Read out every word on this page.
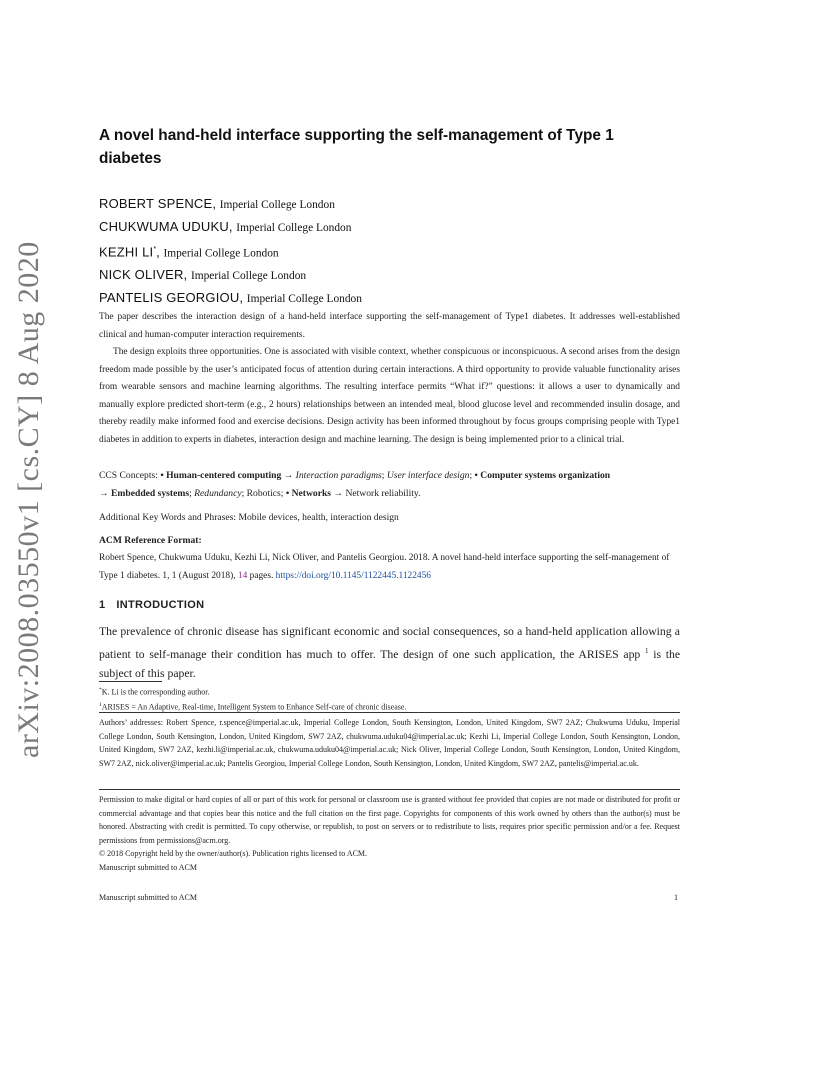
arXiv:2008.03550v1 [cs.CY] 8 Aug 2020
A novel hand-held interface supporting the self-management of Type 1 diabetes
ROBERT SPENCE, Imperial College London
CHUKWUMA UDUKU, Imperial College London
KEZHI LI*, Imperial College London
NICK OLIVER, Imperial College London
PANTELIS GEORGIOU, Imperial College London

The paper describes the interaction design of a hand-held interface supporting the self-management of Type1 diabetes. It addresses well-established clinical and human-computer interaction requirements.

The design exploits three opportunities. One is associated with visible context, whether conspicuous or inconspicuous. A second arises from the design freedom made possible by the user’s anticipated focus of attention during certain interactions. A third opportunity to provide valuable functionality arises from wearable sensors and machine learning algorithms. The resulting interface permits “What if?” questions: it allows a user to dynamically and manually explore predicted short-term (e.g., 2 hours) relationships between an intended meal, blood glucose level and recommended insulin dosage, and thereby readily make informed food and exercise decisions. Design activity has been informed throughout by focus groups comprising people with Type1 diabetes in addition to experts in diabetes, interaction design and machine learning. The design is being implemented prior to a clinical trial.

CCS Concepts: • Human-centered computing → Interaction paradigms; User interface design; • Computer systems organization
→ Embedded systems; Redundancy; Robotics; • Networks → Network reliability.
Additional Key Words and Phrases: Mobile devices, health, interaction design
ACM Reference Format:
Robert Spence, Chukwuma Uduku, Kezhi Li, Nick Oliver, and Pantelis Georgiou. 2018. A novel hand-held interface supporting the self-management of Type 1 diabetes. 1, 1 (August 2018), 14 pages. https://doi.org/10.1145/1122445.1122456
1 INTRODUCTION

The prevalence of chronic disease has significant economic and social consequences, so a hand-held application allowing a patient to self-manage their condition has much to offer. The design of one such application, the ARISES app $^1$ is the subject of this paper.

*K. Li is the corresponding author.
$^1$ARISES = An Adaptive, Real-time, Intelligent System to Enhance Self-care of chronic disease.
Authors’ addresses: Robert Spence, r.spence@imperial.ac.uk, Imperial College London, South Kensington, London, United Kingdom, SW7 2AZ; Chukwuma Uduku, Imperial College London, South Kensington, London, United Kingdom, SW7 2AZ, chukwuma.uduku04@imperial.ac.uk; Kezhi Li, Imperial College London, South Kensington, London, United Kingdom, SW7 2AZ, kezhi.li@imperial.ac.uk, chukwuma.uduku04@imperial.ac.uk; Nick Oliver, Imperial College London, South Kensington, London, United Kingdom, SW7 2AZ, nick.oliver@imperial.ac.uk; Pantelis Georgiou, Imperial College London, South Kensington, London, United Kingdom, SW7 2AZ, pantelis@imperial.ac.uk.

Permission to make digital or hard copies of all or part of this work for personal or classroom use is granted without fee provided that copies are not made or distributed for profit or commercial advantage and that copies bear this notice and the full citation on the first page. Copyrights for components of this work owned by others than the author(s) must be honored. Abstracting with credit is permitted. To copy otherwise, or republish, to post on servers or to redistribute to lists, requires prior specific permission and/or a fee. Request permissions from permissions@acm.org.

© 2018 Copyright held by the owner/author(s). Publication rights licensed to ACM.

Manuscript submitted to ACM

Manuscript submitted to ACM	1
